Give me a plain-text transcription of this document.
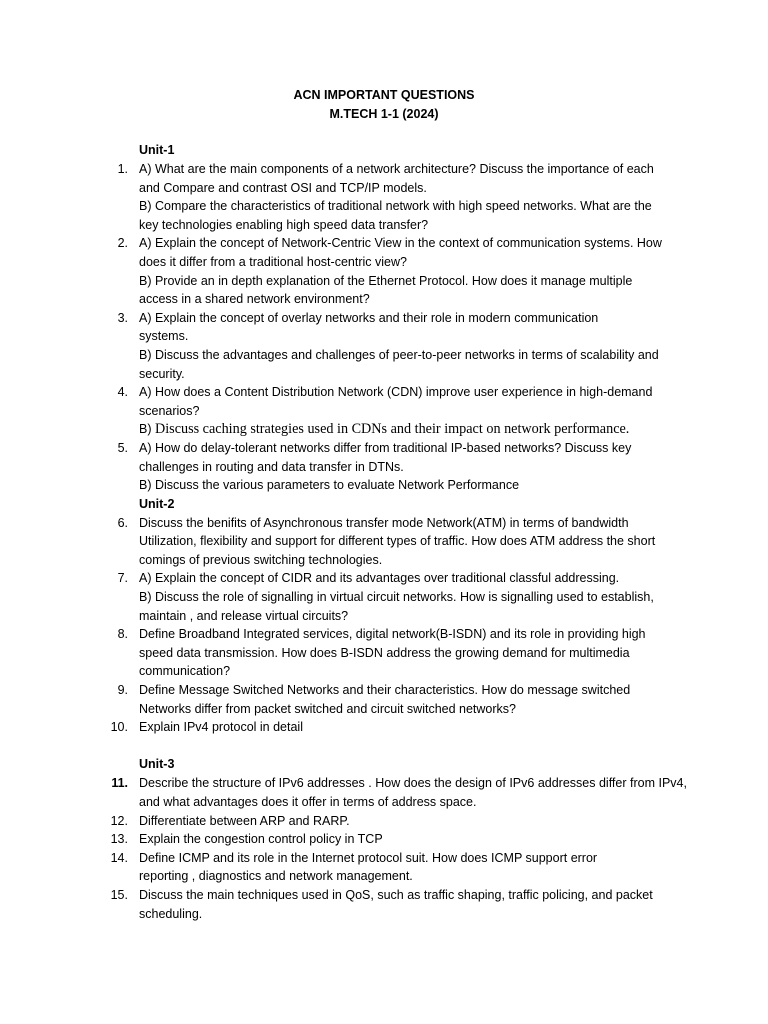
ACN IMPORTANT QUESTIONS
M.TECH 1-1 (2024)
Unit-1
1. A) What are the main components of a network architecture? Discuss the importance of each and Compare and contrast OSI and TCP/IP models.

B) Compare the characteristics of traditional network with high speed networks. What are the key technologies enabling high speed data transfer?

2. A) Explain the concept of Network-Centric View in the context of communication systems. How does it differ from a traditional host-centric view?

B) Provide an in depth explanation of the Ethernet Protocol. How does it manage multiple access in a shared network environment?

3. A) Explain the concept of overlay networks and their role in modern communication systems.

B) Discuss the advantages and challenges of peer-to-peer networks in terms of scalability and security.

4. A) How does a Content Distribution Network (CDN) improve user experience in high-demand scenarios?

B) Discuss caching strategies used in CDNs and their impact on network performance.

5. A) How do delay-tolerant networks differ from traditional IP-based networks? Discuss key challenges in routing and data transfer in DTNs.

B) Discuss the various parameters to evaluate Network Performance

Unit-2
6. Discuss the benifits of Asynchronous transfer mode Network(ATM) in terms of bandwidth Utilization, flexibility and support for different types of traffic. How does ATM address the short comings of previous switching technologies.

7. A) Explain the concept of CIDR and its advantages over traditional classful addressing.

B) Discuss the role of signalling in virtual circuit networks. How is signalling used to establish, maintain , and release virtual circuits?

8. Define Broadband Integrated services, digital network(B-ISDN) and its role in providing high speed data transmission. How does B-ISDN address the growing demand for multimedia communication?

9. Define Message Switched Networks and their characteristics. How do message switched Networks differ from packet switched and circuit switched networks?

10. Explain IPv4 protocol in detail

Unit-3
11. Describe the structure of IPv6 addresses . How does the design of IPv6 addresses differ from IPv4, and what advantages does it offer in terms of address space.

12. Differentiate between ARP and RARP.

13. Explain the congestion control policy in TCP

14. Define ICMP and its role in the Internet protocol suit. How does ICMP support error reporting , diagnostics and network management.

15. Discuss the main techniques used in QoS, such as traffic shaping, traffic policing, and packet scheduling.
